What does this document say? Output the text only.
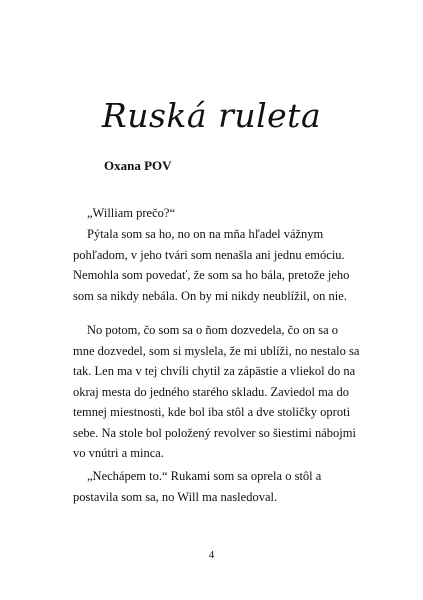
Ruská ruleta

Oxana POV

„William prečo?“

Pýtala som sa ho, no on na mňa hľadel vážnym
pohľadom, v jeho tvári som nenašla ani jednu emóciu.
Nemohla som povedať, že som sa ho bála, pretože jeho
som sa nikdy nebála. On by mi nikdy neublížil, on nie.

No potom, čo som sa o ňom dozvedela, čo on sa o
mne dozvedel, som si myslela, že mi ublíži, no nestalo sa
tak. Len ma v tej chvíli chytil za zápästie a vliekol do na
okraj mesta do jedného starého skladu. Zaviedol ma do
temnej miestnosti, kde bol iba stôl a dve stoličky oproti
sebe. Na stole bol položený revolver so šiestimi nábojmi
vo vnútri a minca.

„Nechápem to.“ Rukami som sa oprela o stôl a
postavila som sa, no Will ma nasledoval.

4
